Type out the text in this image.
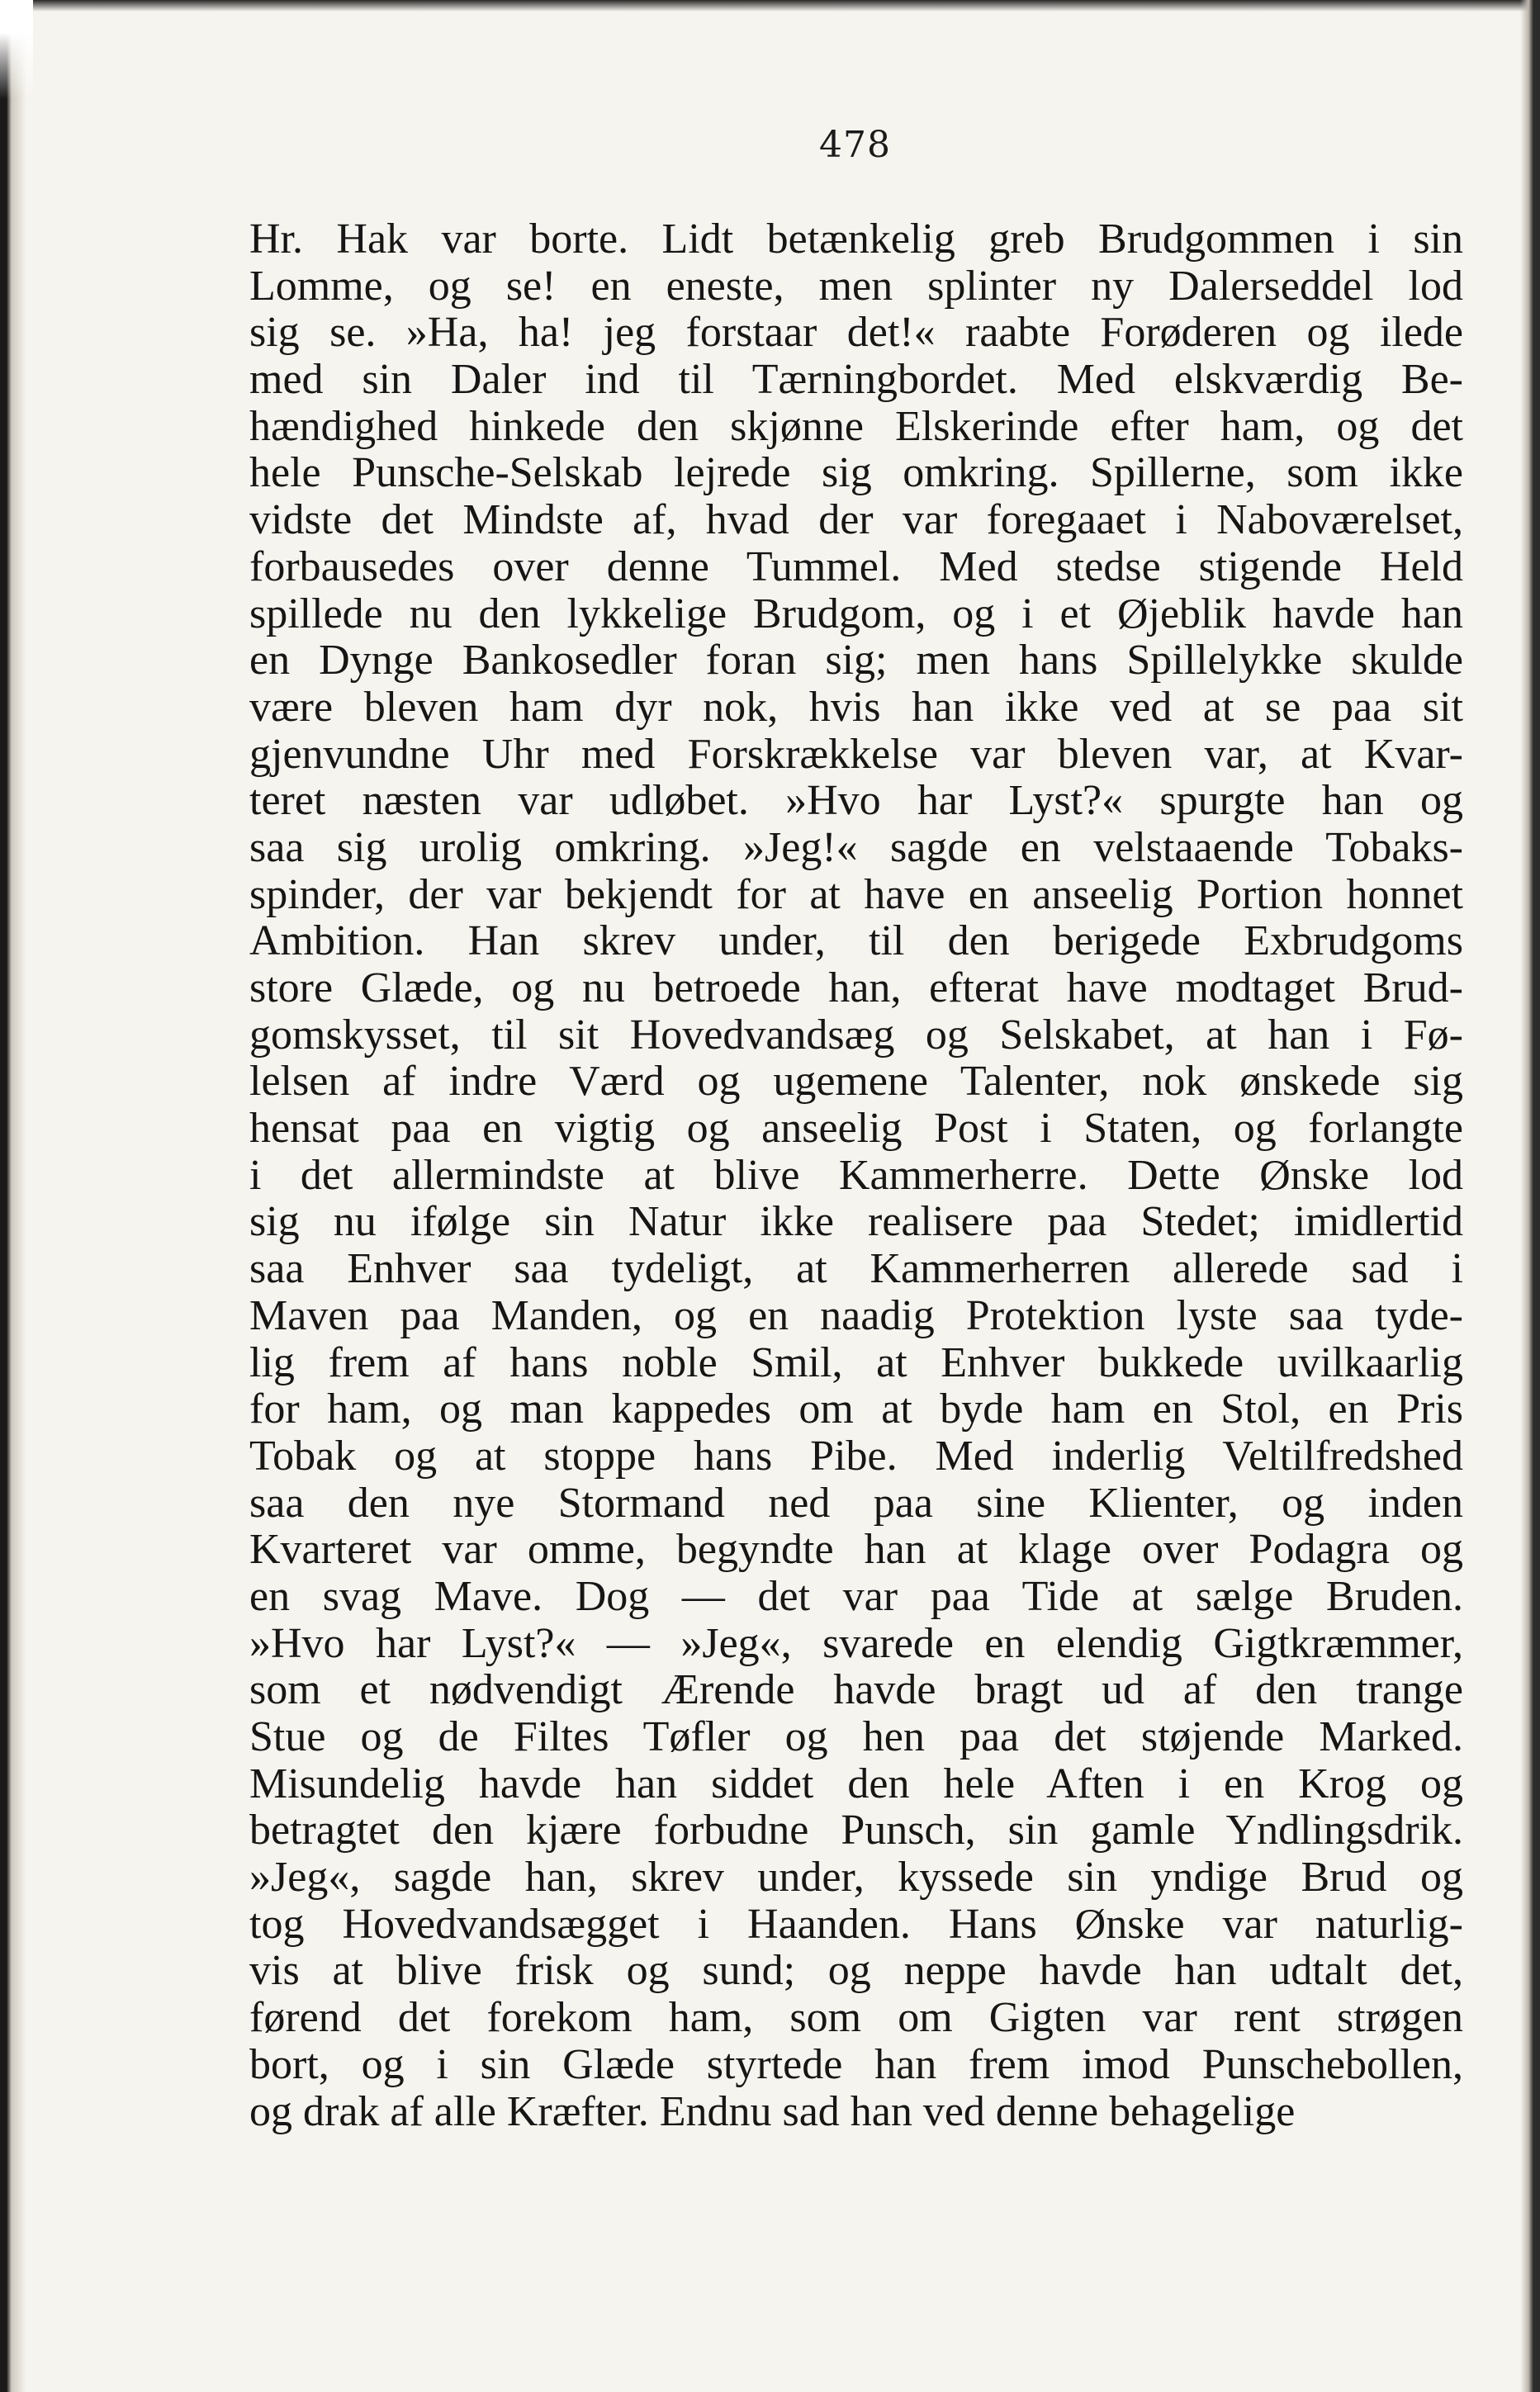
478
Hr. Hak var borte. Lidt betænkelig greb Brudgommen i sin
Lomme, og se! en eneste, men splinter ny Dalerseddel lod
sig se. »Ha, ha! jeg forstaar det!« raabte Forøderen og ilede
med sin Daler ind til Tærningbordet. Med elskværdig Be-
hændighed hinkede den skjønne Elskerinde efter ham, og det
hele Punsche-Selskab lejrede sig omkring. Spillerne, som ikke
vidste det Mindste af, hvad der var foregaaet i Naboværelset,
forbausedes over denne Tummel. Med stedse stigende Held
spillede nu den lykkelige Brudgom, og i et Øjeblik havde han
en Dynge Bankosedler foran sig; men hans Spillelykke skulde
være bleven ham dyr nok, hvis han ikke ved at se paa sit
gjenvundne Uhr med Forskrækkelse var bleven var, at Kvar-
teret næsten var udløbet. »Hvo har Lyst?« spurgte han og
saa sig urolig omkring. »Jeg!« sagde en velstaaende Tobaks-
spinder, der var bekjendt for at have en anseelig Portion honnet
Ambition. Han skrev under, til den berigede Exbrudgoms
store Glæde, og nu betroede han, efterat have modtaget Brud-
gomskysset, til sit Hovedvandsæg og Selskabet, at han i Fø-
lelsen af indre Værd og ugemene Talenter, nok ønskede sig
hensat paa en vigtig og anseelig Post i Staten, og forlangte
i det allermindste at blive Kammerherre. Dette Ønske lod
sig nu ifølge sin Natur ikke realisere paa Stedet; imidlertid
saa Enhver saa tydeligt, at Kammerherren allerede sad i
Maven paa Manden, og en naadig Protektion lyste saa tyde-
lig frem af hans noble Smil, at Enhver bukkede uvilkaarlig
for ham, og man kappedes om at byde ham en Stol, en Pris
Tobak og at stoppe hans Pibe. Med inderlig Veltilfredshed
saa den nye Stormand ned paa sine Klienter, og inden
Kvarteret var omme, begyndte han at klage over Podagra og
en svag Mave. Dog — det var paa Tide at sælge Bruden.
»Hvo har Lyst?« — »Jeg«, svarede en elendig Gigtkræmmer,
som et nødvendigt Ærende havde bragt ud af den trange
Stue og de Filtes Tøfler og hen paa det støjende Marked.
Misundelig havde han siddet den hele Aften i en Krog og
betragtet den kjære forbudne Punsch, sin gamle Yndlingsdrik.
»Jeg«, sagde han, skrev under, kyssede sin yndige Brud og
tog Hovedvandsægget i Haanden. Hans Ønske var naturlig-
vis at blive frisk og sund; og neppe havde han udtalt det,
førend det forekom ham, som om Gigten var rent strøgen
bort, og i sin Glæde styrtede han frem imod Punschebollen,
og drak af alle Kræfter. Endnu sad han ved denne behagelige
